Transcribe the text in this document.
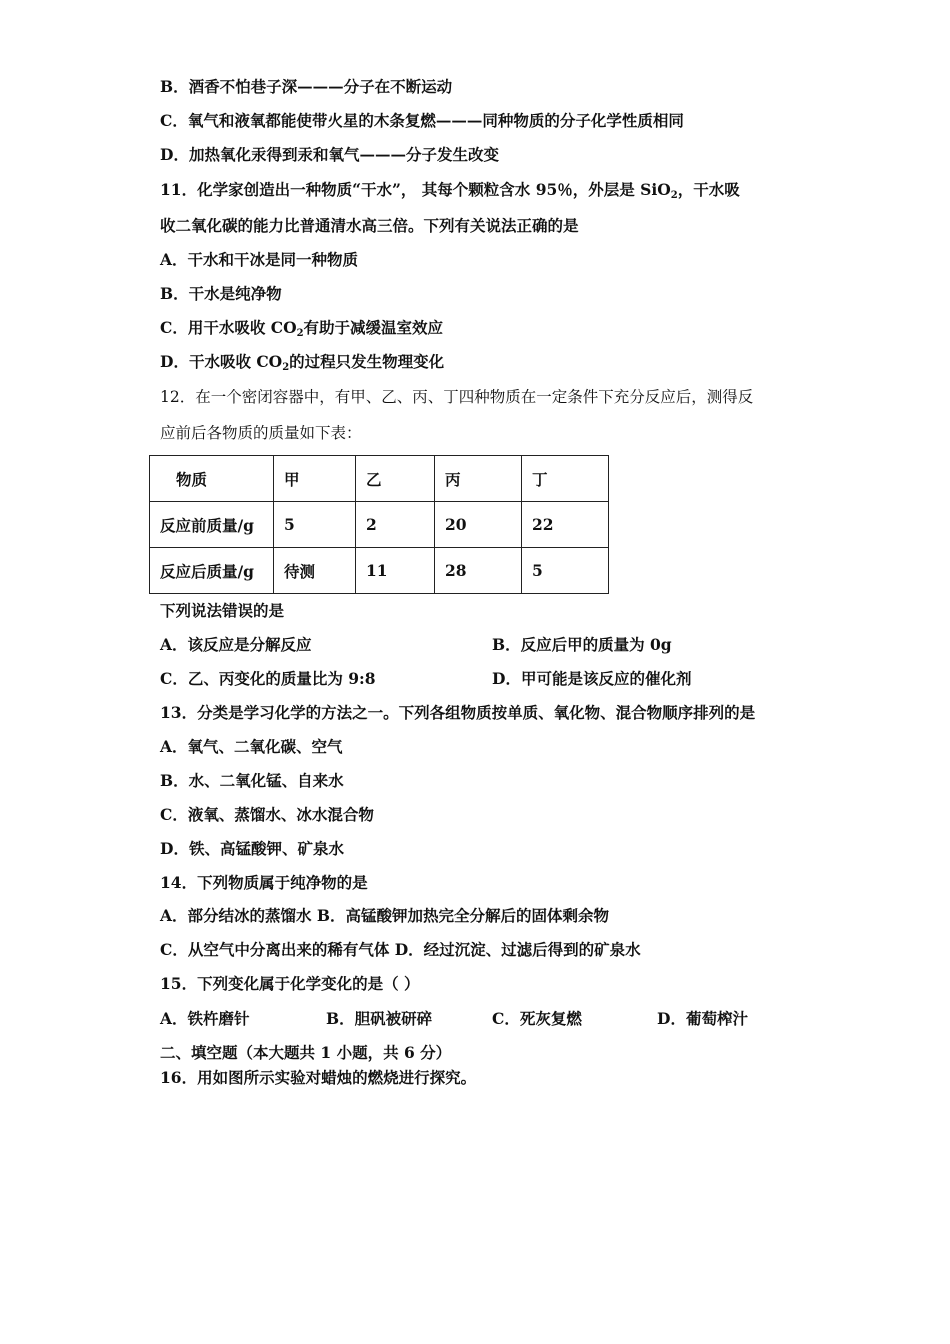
B．酒香不怕巷子深———分子在不断运动
C．氧气和液氧都能使带火星的木条复燃———同种物质的分子化学性质相同
D．加热氧化汞得到汞和氧气———分子发生改变
11．化学家创造出一种物质“干水”， 其每个颗粒含水 95％，外层是 SiO$_2$，干水吸
收二氧化碳的能力比普通清水高三倍。下列有关说法正确的是
A．干水和干冰是同一种物质
B．干水是纯净物
C．用干水吸收 $CO_2$有助于减缓温室效应
D．干水吸收 $CO_2$的过程只发生物理变化
12．在一个密闭容器中，有甲、乙、丙、丁四种物质在一定条件下充分反应后，测得反
应前后各物质的质量如下表：
物质	甲	乙	丙	丁
反应前质量/g	5	2	20	22
反应后质量/g	待测	11	28	5
下列说法错误的是
A．该反应是分解反应	B．反应后甲的质量为 0g
C．乙、丙变化的质量比为 9:8	D．甲可能是该反应的催化剂
13．分类是学习化学的方法之一。下列各组物质按单质、氧化物、混合物顺序排列的是
A．氧气、二氧化碳、空气
B．水、二氧化锰、自来水
C．液氧、蒸馏水、冰水混合物
D．铁、高锰酸钾、矿泉水
14．下列物质属于纯净物的是
A．部分结冰的蒸馏水 B．高锰酸钾加热完全分解后的固体剩余物
C．从空气中分离出来的稀有气体 D．经过沉淀、过滤后得到的矿泉水
15．下列变化属于化学变化的是（ ）
A．铁杵磨针	B．胆矾被研碎	C．死灰复燃	D．葡萄榨汁
二、填空题（本大题共 1 小题，共 6 分）
16．用如图所示实验对蜡烛的燃烧进行探究。
